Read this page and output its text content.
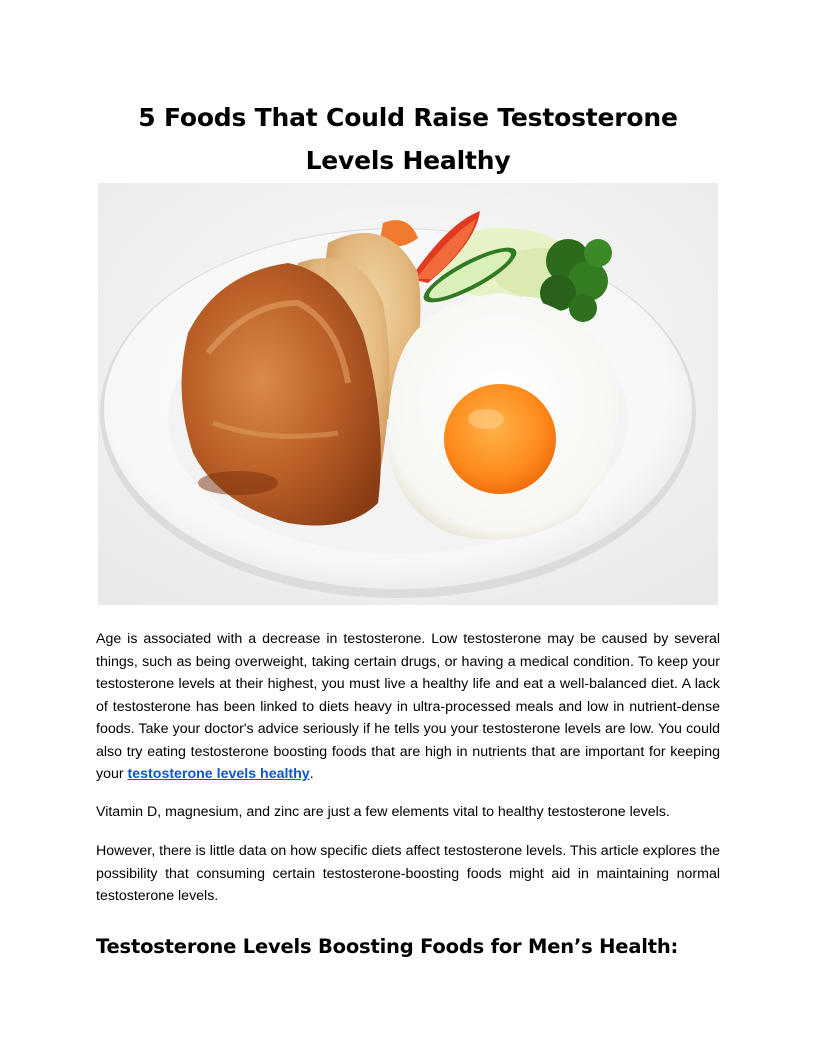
5 Foods That Could Raise Testosterone Levels Healthy

Age is associated with a decrease in testosterone. Low testosterone may be caused by several things, such as being overweight, taking certain drugs, or having a medical condition. To keep your testosterone levels at their highest, you must live a healthy life and eat a well-balanced diet. A lack of testosterone has been linked to diets heavy in ultra-processed meals and low in nutrient-dense foods. Take your doctor's advice seriously if he tells you your testosterone levels are low. You could also try eating testosterone boosting foods that are high in nutrients that are important for keeping your testosterone levels healthy.

Vitamin D, magnesium, and zinc are just a few elements vital to healthy testosterone levels.

However, there is little data on how specific diets affect testosterone levels. This article explores the possibility that consuming certain testosterone-boosting foods might aid in maintaining normal testosterone levels.

Testosterone Levels Boosting Foods for Men’s Health:
